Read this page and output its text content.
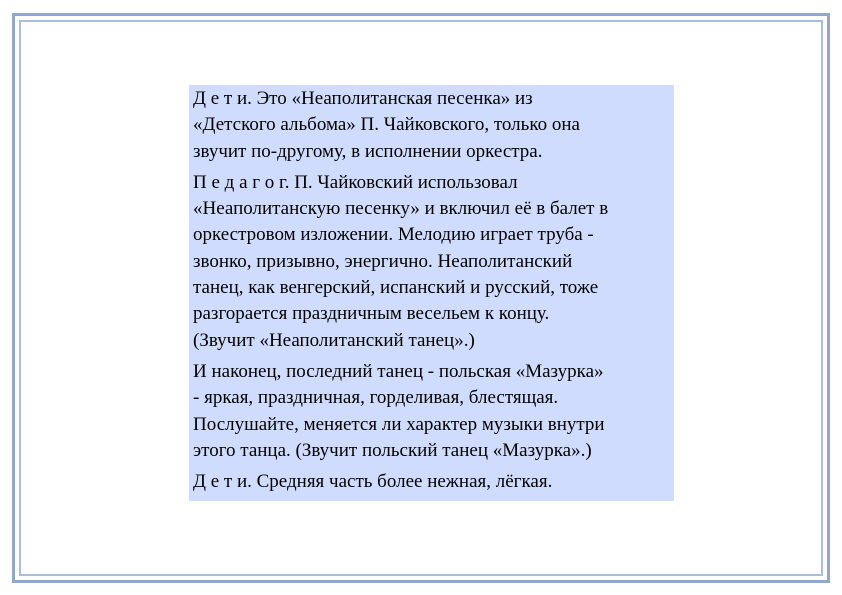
Д е т и. Это «Неаполитанская песенка» из
«Детского альбома» П. Чайковского, только она
звучит по-другому, в исполнении оркестра.

П е д а г о г. П. Чайковский использовал
«Неаполитанскую песенку» и включил её в балет в
оркестровом изложении. Мелодию играет труба -
звонко, призывно, энергично. Неаполитанский
танец, как венгерский, испанский и русский, тоже
разгорается праздничным весельем к концу.
(Звучит «Неаполитанский танец».)

И наконец, последний танец - польская «Мазурка»
- яркая, праздничная, горделивая, блестящая.
Послушайте, меняется ли характер музыки внутри
этого танца. (Звучит польский танец «Мазурка».)

Д е т и. Средняя часть более нежная, лёгкая.
